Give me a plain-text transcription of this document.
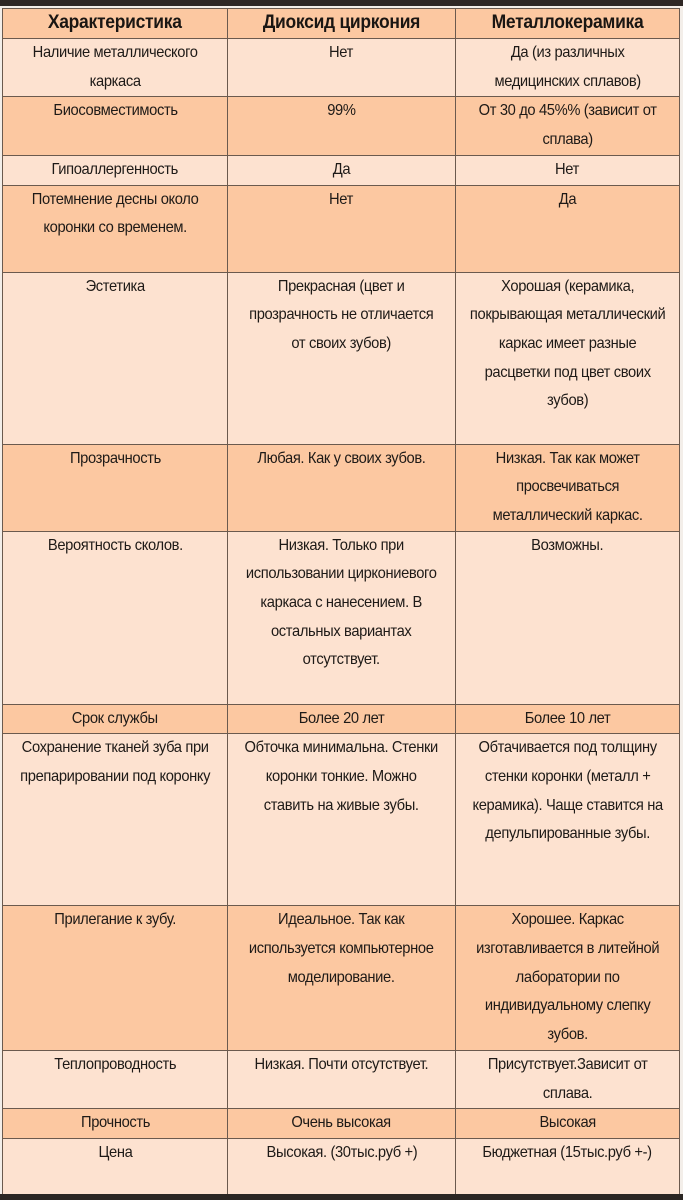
Характеристика	Диоксид циркония	Металлокерамика
Наличие металлического каркаса	Нет	Да (из различных медицинских сплавов)
Биосовместимость	99%	От 30 до 45%% (зависит от сплава)
Гипоаллергенность	Да	Нет
Потемнение десны около коронки со временем.	Нет	Да
Эстетика	Прекрасная (цвет и прозрачность не отличается от своих зубов)	Хорошая (керамика, покрывающая металлический каркас имеет разные расцветки под цвет своих зубов)
Прозрачность	Любая. Как у своих зубов.	Низкая. Так как может просвечиваться металлический каркас.
Вероятность сколов.	Низкая. Только при использовании циркониевого каркаса с нанесением. В остальных вариантах отсутствует.	Возможны.
Срок службы	Более 20 лет	Более 10 лет
Сохранение тканей зуба при препарировании под коронку	Обточка минимальна. Стенки коронки тонкие. Можно ставить на живые зубы.	Обтачивается под толщину стенки коронки (металл + керамика). Чаще ставится на депульпированные зубы.
Прилегание к зубу.	Идеальное. Так как используется компьютерное моделирование.	Хорошее. Каркас изготавливается в литейной лаборатории по индивидуальному слепку зубов.
Теплопроводность	Низкая. Почти отсутствует.	Присутствует.Зависит от сплава.
Прочность	Очень высокая	Высокая
Цена	Высокая. (30тыс.руб +)	Бюджетная (15тыс.руб +-)
